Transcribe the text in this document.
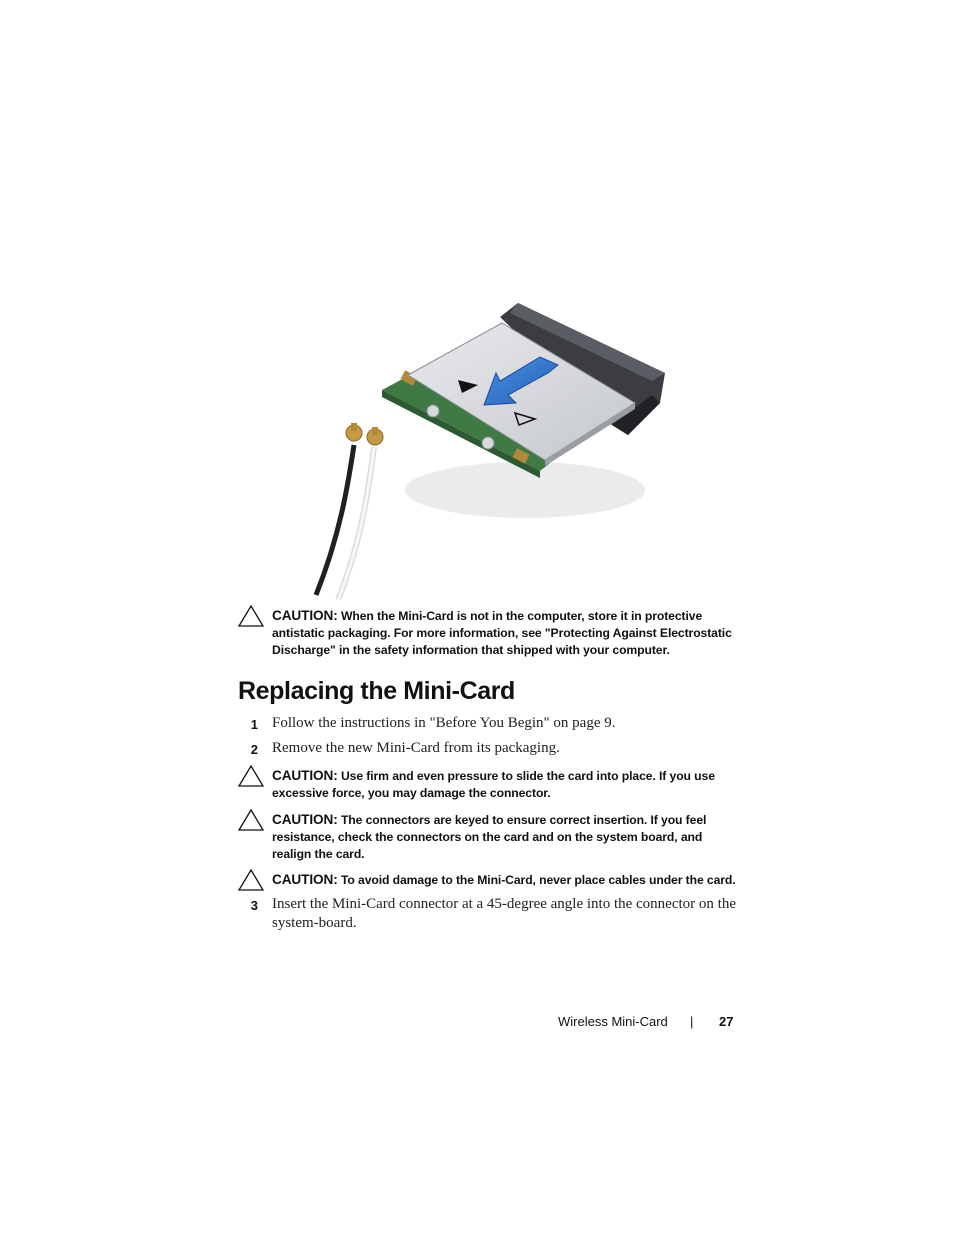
CAUTION: When the Mini-Card is not in the computer, store it in protective antistatic packaging. For more information, see "Protecting Against Electrostatic Discharge" in the safety information that shipped with your computer.
Replacing the Mini-Card
1 Follow the instructions in "Before You Begin" on page 9.
2 Remove the new Mini-Card from its packaging.
CAUTION: Use firm and even pressure to slide the card into place. If you use excessive force, you may damage the connector.
CAUTION: The connectors are keyed to ensure correct insertion. If you feel resistance, check the connectors on the card and on the system board, and realign the card.
CAUTION: To avoid damage to the Mini-Card, never place cables under the card.
3 Insert the Mini-Card connector at a 45-degree angle into the connector on the system-board.
Wireless Mini-Card | 27
